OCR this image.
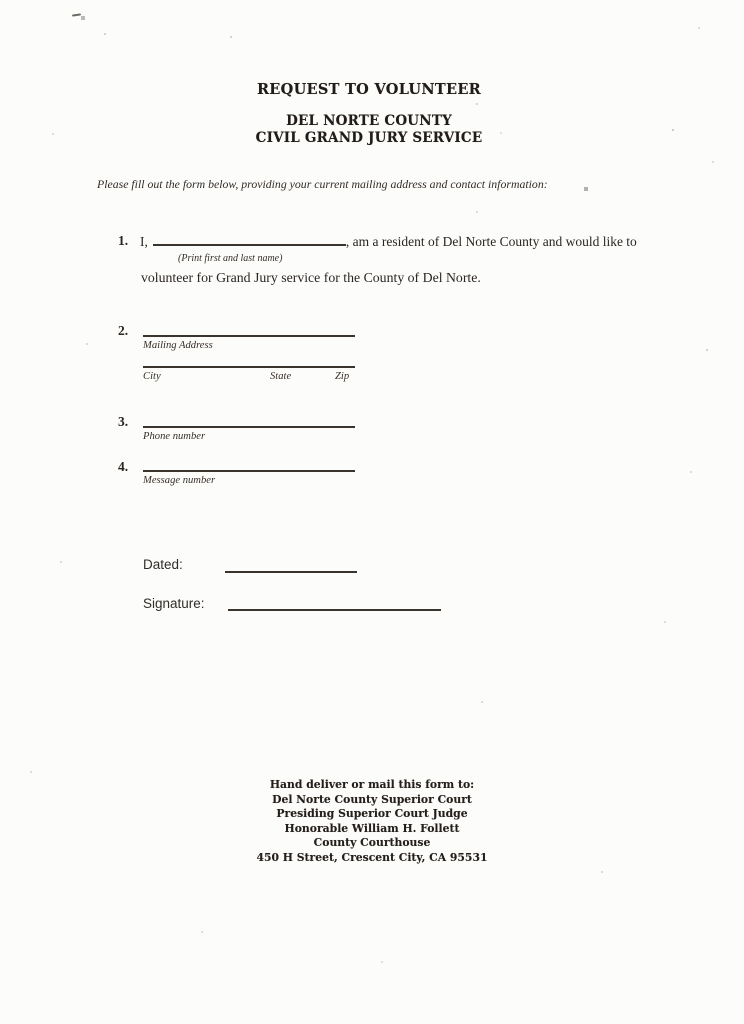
REQUEST TO VOLUNTEER
DEL NORTE COUNTY
CIVIL GRAND JURY SERVICE
Please fill out the form below, providing your current mailing address and contact information:
1. I,	, am a resident of Del Norte County and would like to
(Print first and last name)
volunteer for Grand Jury service for the County of Del Norte.
2.
Mailing Address
City	State	Zip
3.
Phone number
4.
Message number
Dated:
Signature:
Hand deliver or mail this form to:
Del Norte County Superior Court
Presiding Superior Court Judge
Honorable William H. Follett
County Courthouse
450 H Street, Crescent City, CA 95531
